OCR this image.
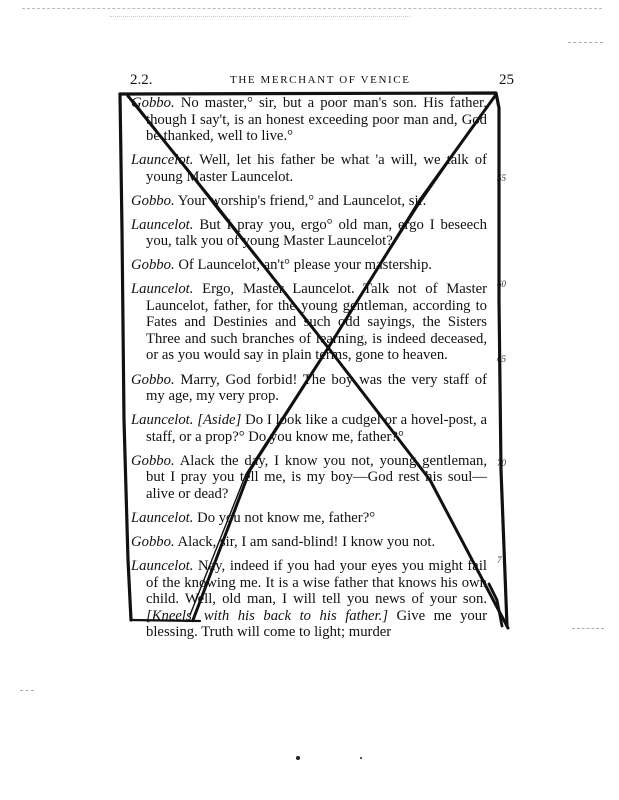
2.2.	THE MERCHANT OF VENICE	25

Gobbo. No master,° sir, but a poor man's son. His father, though I say't, is an honest exceeding poor man and, God be thanked, well to live.°

Launcelot. Well, let his father be what 'a will, we talk of young Master Launcelot.

Gobbo. Your worship's friend,° and Launcelot, sir.

Launcelot. But I pray you, ergo° old man, ergo I beseech you, talk you of young Master Launcelot?

Gobbo. Of Launcelot, an't° please your mastership.

Launcelot. Ergo, Master Launcelot. Talk not of Master Launcelot, father, for the young gentleman, according to Fates and Destinies and such odd sayings, the Sisters Three and such branches of learning, is indeed deceased, or as you would say in plain terms, gone to heaven.

Gobbo. Marry, God forbid! The boy was the very staff of my age, my very prop.

Launcelot. [Aside] Do I look like a cudgel or a hovel-post, a staff, or a prop?° Do you know me, father?°

Gobbo. Alack the day, I know you not, young gentleman, but I pray you tell me, is my boy—God rest his soul—alive or dead?

Launcelot. Do you not know me, father?°

Gobbo. Alack, sir, I am sand-blind! I know you not.

Launcelot. Nay, indeed if you had your eyes you might fail of the knowing me. It is a wise father that knows his own child. Well, old man, I will tell you news of your son. [Kneels, with his back to his father.] Give me your blessing. Truth will come to light; murder

55
60
65
70
7
